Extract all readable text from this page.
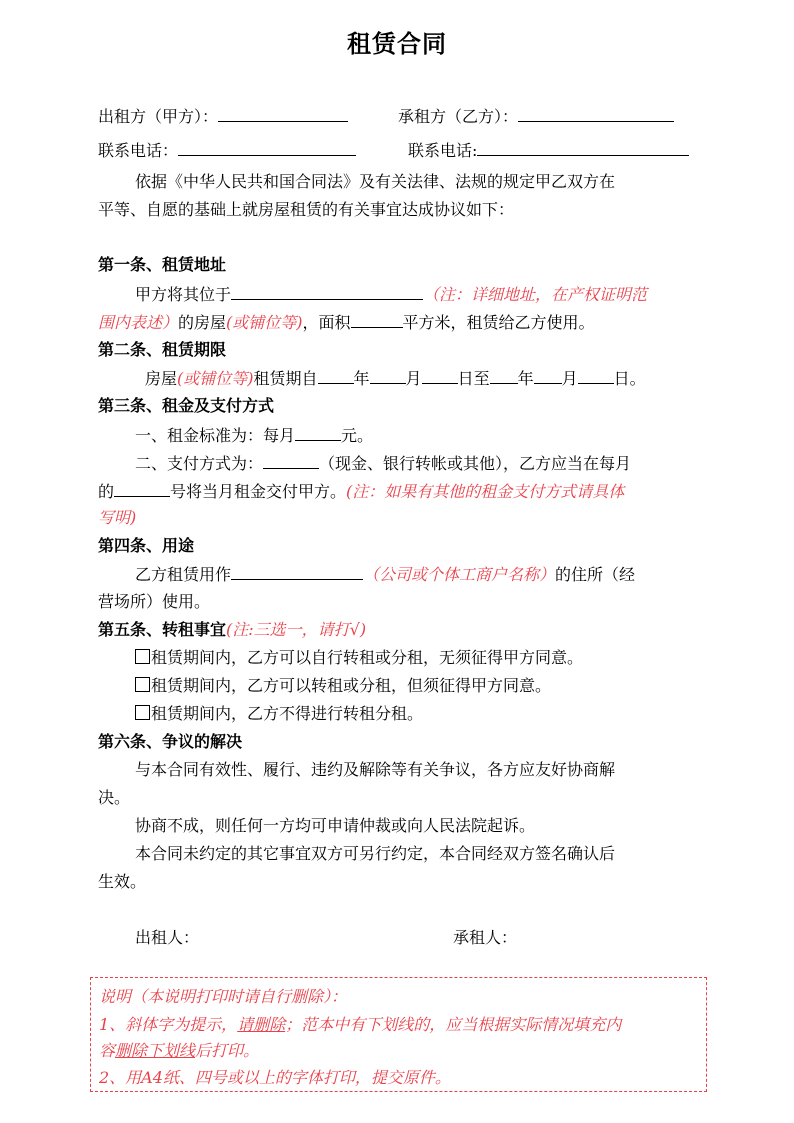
租赁合同
出租方（甲方）：	承租方（乙方）：
联系电话：	联系电话:
依据《中华人民共和国合同法》及有关法律、法规的规定甲乙双方在
平等、自愿的基础上就房屋租赁的有关事宜达成协议如下：
第一条、租赁地址
甲方将其位于	（注：详细地址，在产权证明范
围内表述）的房屋(或铺位等)，面积	平方米，租赁给乙方使用。
第二条、租赁期限
房屋(或铺位等)租赁期自 年 月 日至 年 月 日。
第三条、租金及支付方式
一、租金标准为：每月	元。
二、支付方式为：	（现金、银行转帐或其他），乙方应当在每月
的	号将当月租金交付甲方。(注：如果有其他的租金支付方式请具体
写明)
第四条、用途
乙方租赁用作	（公司或个体工商户名称）的住所（经
营场所）使用。
第五条、转租事宜(注:三选一，请打√)
租赁期间内，乙方可以自行转租或分租，无须征得甲方同意。
租赁期间内，乙方可以转租或分租，但须征得甲方同意。
租赁期间内，乙方不得进行转租分租。
第六条、争议的解决
与本合同有效性、履行、违约及解除等有关争议，各方应友好协商解
决。
协商不成，则任何一方均可申请仲裁或向人民法院起诉。
本合同未约定的其它事宜双方可另行约定，本合同经双方签名确认后
生效。
出租人：	承租人：
说明（本说明打印时请自行删除）：
1、斜体字为提示，请删除；范本中有下划线的，应当根据实际情况填充内
容删除下划线后打印。
2、用A4纸、四号或以上的字体打印，提交原件。
